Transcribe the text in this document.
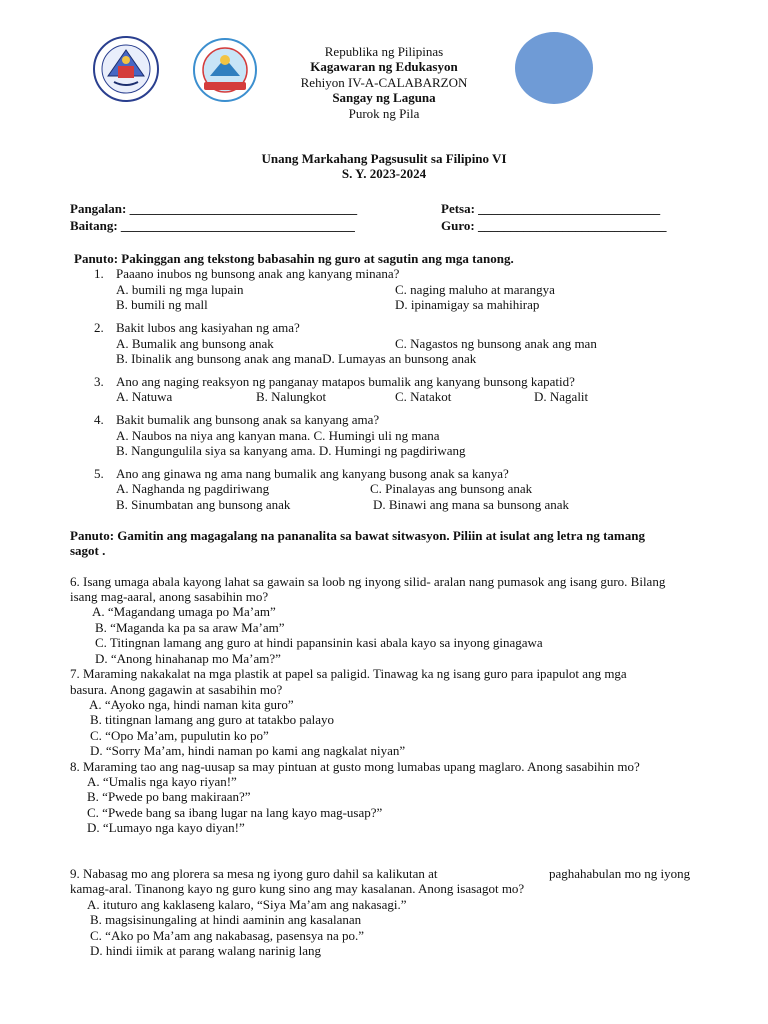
Republika ng Pilipinas
Kagawaran ng Edukasyon
Rehiyon IV-A-CALABARZON
Sangay ng Laguna
Purok ng Pila
Unang Markahang Pagsusulit sa Filipino VI
S. Y. 2023-2024
Pangalan: ___________________________________
Baitang: ____________________________________
Petsa: ____________________________
Guro: _____________________________
Panuto: Pakinggan ang tekstong babasahin ng guro at sagutin ang mga tanong.
1. Paaano inubos ng bunsong anak ang kanyang minana?
A. bumili ng mga lupain	C. naging maluho at marangya
B. bumili ng mall	D. ipinamigay sa mahihirap
2. Bakit lubos ang kasiyahan ng ama?
A. Bumalik ang bunsong anak	C. Nagastos ng bunsong anak ang man
B. Ibinalik ang bunsong anak ang manaD. Lumayas an bunsong anak
3. Ano ang naging reaksyon ng panganay matapos bumalik ang kanyang bunsong kapatid?
A. Natuwa	B. Nalungkot	C. Natakot	D. Nagalit
4. Bakit bumalik ang bunsong anak sa kanyang ama?
A. Naubos na niya ang kanyan mana. C. Humingi uli ng mana
B. Nangungulila siya sa kanyang ama. D. Humingi ng pagdiriwang
5. Ano ang ginawa ng ama nang bumalik ang kanyang busong anak sa kanya?
A. Naghanda ng pagdiriwang	C. Pinalayas ang bunsong anak
B. Sinumbatan ang bunsong anak	D. Binawi ang mana sa bunsong anak
Panuto: Gamitin ang magagalang na pananalita sa bawat sitwasyon. Piliin at isulat ang letra ng tamang
sagot .
6. Isang umaga abala kayong lahat sa gawain sa loob ng inyong silid- aralan nang pumasok ang isang guro. Bilang
isang mag-aaral, anong sasabihin mo?
A. “Magandang umaga po Ma’am”
B. “Maganda ka pa sa araw Ma’am”
C. Titingnan lamang ang guro at hindi papansinin kasi abala kayo sa inyong ginagawa
D. “Anong hinahanap mo Ma’am?”
7. Maraming nakakalat na mga plastik at papel sa paligid. Tinawag ka ng isang guro para ipapulot ang mga
basura. Anong gagawin at sasabihin mo?
A. “Ayoko nga, hindi naman kita guro”
B. titingnan lamang ang guro at tatakbo palayo
C. “Opo Ma’am, pupulutin ko po”
D. “Sorry Ma’am, hindi naman po kami ang nagkalat niyan”
8. Maraming tao ang nag-uusap sa may pintuan at gusto mong lumabas upang maglaro. Anong sasabihin mo?
A. “Umalis nga kayo riyan!”
B. “Pwede po bang makiraan?”
C. “Pwede bang sa ibang lugar na lang kayo mag-usap?”
D. “Lumayo nga kayo diyan!”
9. Nabasag mo ang plorera sa mesa ng iyong guro dahil sa kalikutan at	paghahabulan mo ng iyong
kamag-aral. Tinanong kayo ng guro kung sino ang may kasalanan. Anong isasagot mo?
A. ituturo ang kaklaseng kalaro, “Siya Ma’am ang nakasagi.”
B. magsisinungaling at hindi aaminin ang kasalanan
C. “Ako po Ma’am ang nakabasag, pasensya na po.”
D. hindi iimik at parang walang narinig lang
